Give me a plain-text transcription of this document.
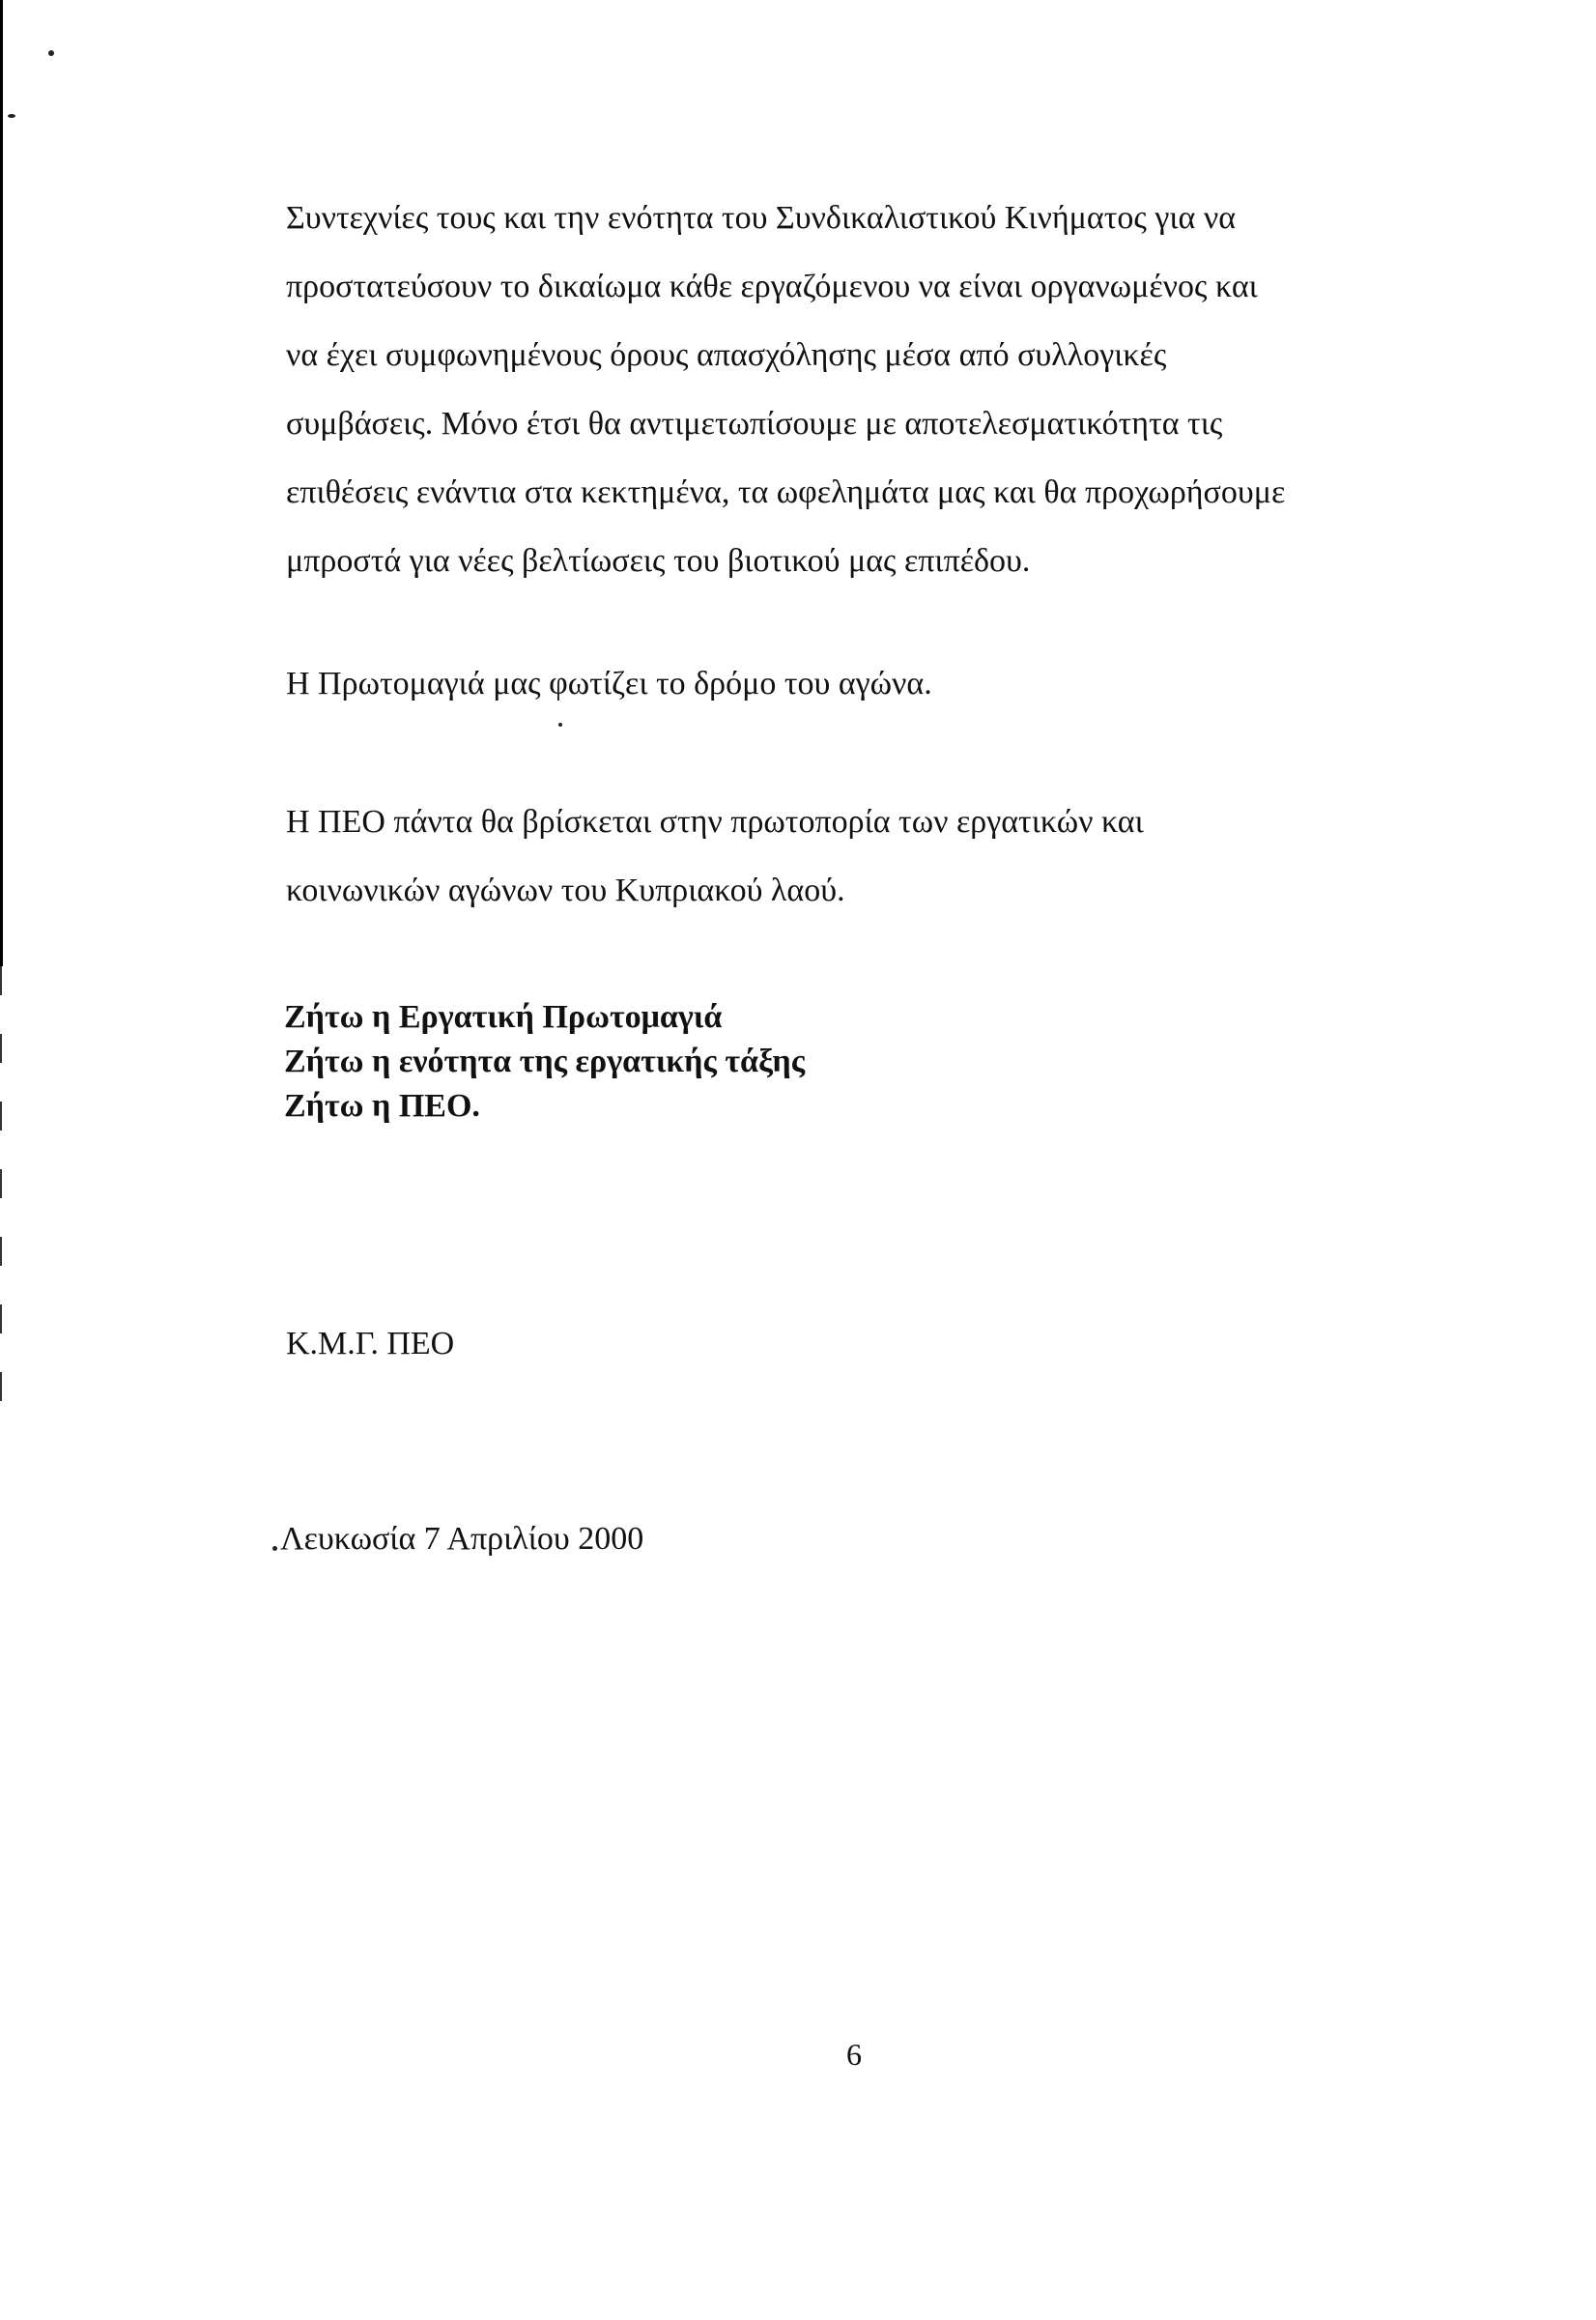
Συντεχνίες τους και την ενότητα του Συνδικαλιστικού Κινήματος για να
προστατεύσουν το δικαίωμα κάθε εργαζόμενου να είναι οργανωμένος και
να έχει συμφωνημένους όρους απασχόλησης μέσα από συλλογικές
συμβάσεις. Μόνο έτσι θα αντιμετωπίσουμε με αποτελεσματικότητα τις
επιθέσεις ενάντια στα κεκτημένα, τα ωφελημάτα μας και θα προχωρήσουμε
μπροστά για νέες βελτίωσεις του βιοτικού μας επιπέδου.
Η Πρωτομαγιά μας φωτίζει το δρόμο του αγώνα.
Η ΠΕΟ πάντα θα βρίσκεται στην πρωτοπορία των εργατικών και
κοινωνικών αγώνων του Κυπριακού λαού.
Ζήτω η Εργατική Πρωτομαγιά
Ζήτω η ενότητα της εργατικής τάξης
Ζήτω η ΠΕΟ.
Κ.Μ.Γ. ΠΕΟ
Λευκωσία 7 Απριλίου 2000
6
